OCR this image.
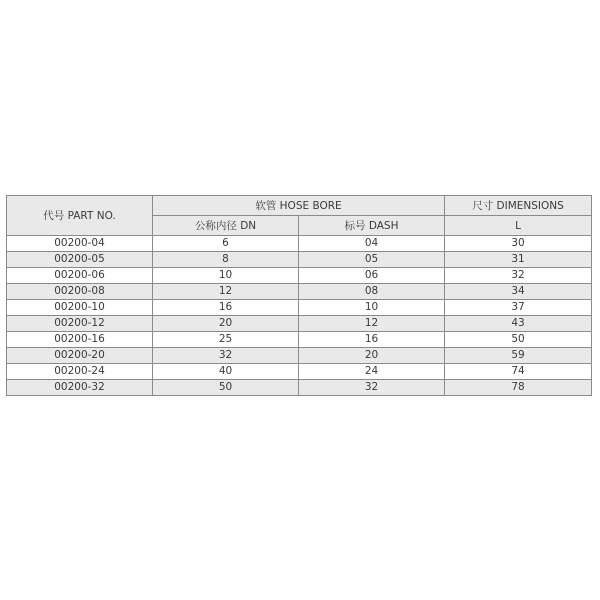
代号 PART NO.	软管 HOSE BORE		尺寸 DIMENSIONS
	公称内径 DN	标号 DASH	L
00200-04	6	04	30
00200-05	8	05	31
00200-06	10	06	32
00200-08	12	08	34
00200-10	16	10	37
00200-12	20	12	43
00200-16	25	16	50
00200-20	32	20	59
00200-24	40	24	74
00200-32	50	32	78
